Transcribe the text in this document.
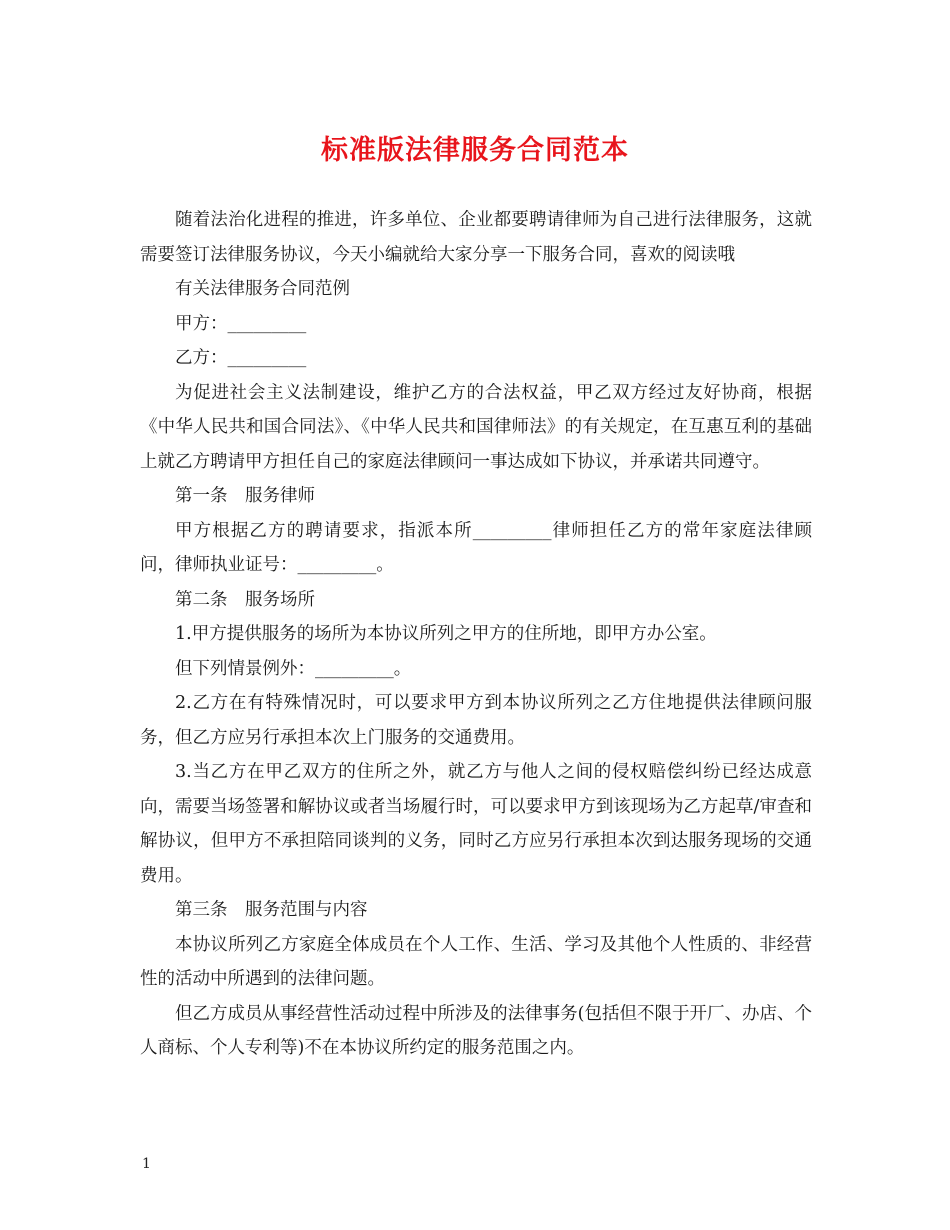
标准版法律服务合同范本

随着法治化进程的推进，许多单位、企业都要聘请律师为自己进行法律服务，这就需要签订法律服务协议，今天小编就给大家分享一下服务合同，喜欢的阅读哦

有关法律服务合同范例

甲方：_________

乙方：_________

为促进社会主义法制建设，维护乙方的合法权益，甲乙双方经过友好协商，根据《中华人民共和国合同法》、《中华人民共和国律师法》的有关规定，在互惠互利的基础上就乙方聘请甲方担任自己的家庭法律顾问一事达成如下协议，并承诺共同遵守。

第一条　服务律师

甲方根据乙方的聘请要求，指派本所_________律师担任乙方的常年家庭法律顾问，律师执业证号：_________。

第二条　服务场所

1.甲方提供服务的场所为本协议所列之甲方的住所地，即甲方办公室。

但下列情景例外：_________。

2.乙方在有特殊情况时，可以要求甲方到本协议所列之乙方住地提供法律顾问服务，但乙方应另行承担本次上门服务的交通费用。

3.当乙方在甲乙双方的住所之外，就乙方与他人之间的侵权赔偿纠纷已经达成意向，需要当场签署和解协议或者当场履行时，可以要求甲方到该现场为乙方起草/审查和解协议，但甲方不承担陪同谈判的义务，同时乙方应另行承担本次到达服务现场的交通费用。

第三条　服务范围与内容

本协议所列乙方家庭全体成员在个人工作、生活、学习及其他个人性质的、非经营性的活动中所遇到的法律问题。

但乙方成员从事经营性活动过程中所涉及的法律事务(包括但不限于开厂、办店、个人商标、个人专利等)不在本协议所约定的服务范围之内。

1
